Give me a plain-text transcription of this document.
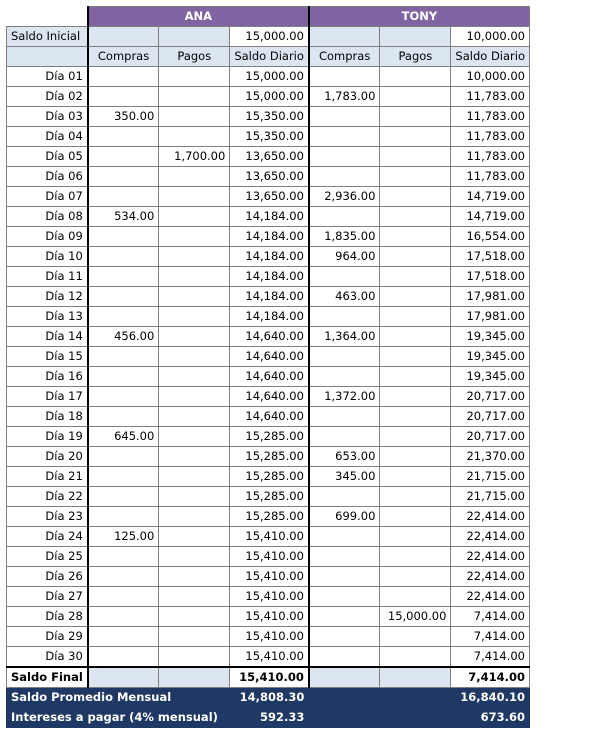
	ANA			TONY		
Saldo Inicial			15,000.00			10,000.00
	Compras	Pagos	Saldo Diario	Compras	Pagos	Saldo Diario
Día 01			15,000.00			10,000.00
Día 02			15,000.00	1,783.00		11,783.00
Día 03	350.00		15,350.00			11,783.00
Día 04			15,350.00			11,783.00
Día 05		1,700.00	13,650.00			11,783.00
Día 06			13,650.00			11,783.00
Día 07			13,650.00	2,936.00		14,719.00
Día 08	534.00		14,184.00			14,719.00
Día 09			14,184.00	1,835.00		16,554.00
Día 10			14,184.00	964.00		17,518.00
Día 11			14,184.00			17,518.00
Día 12			14,184.00	463.00		17,981.00
Día 13			14,184.00			17,981.00
Día 14	456.00		14,640.00	1,364.00		19,345.00
Día 15			14,640.00			19,345.00
Día 16			14,640.00			19,345.00
Día 17			14,640.00	1,372.00		20,717.00
Día 18			14,640.00			20,717.00
Día 19	645.00		15,285.00			20,717.00
Día 20			15,285.00	653.00		21,370.00
Día 21			15,285.00	345.00		21,715.00
Día 22			15,285.00			21,715.00
Día 23			15,285.00	699.00		22,414.00
Día 24	125.00		15,410.00			22,414.00
Día 25			15,410.00			22,414.00
Día 26			15,410.00			22,414.00
Día 27			15,410.00			22,414.00
Día 28			15,410.00		15,000.00	7,414.00
Día 29			15,410.00			7,414.00
Día 30			15,410.00			7,414.00
Saldo Final			15,410.00			7,414.00
Saldo Promedio Mensual			14,808.30			16,840.10
Intereses a pagar (4% mensual)			592.33			673.60
